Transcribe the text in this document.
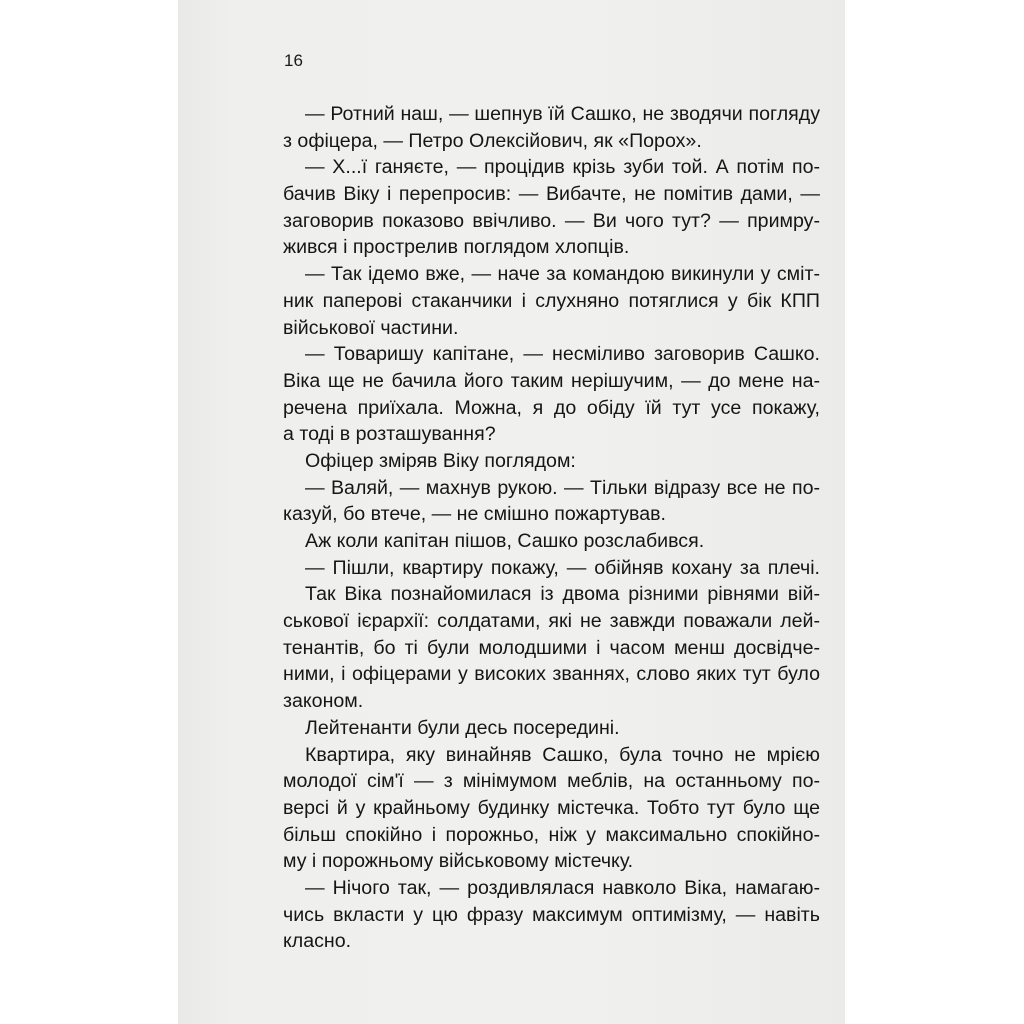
16
— Ротний наш, — шепнув їй Сашко, не зводячи погляду
з офіцера, — Петро Олексійович, як «Порох».
— Х...ї ганяєте, — процідив крізь зуби той. А потім по-
бачив Віку і перепросив: — Вибачте, не помітив дами, —
заговорив показово ввічливо. — Ви чого тут? — примру-
жився і прострелив поглядом хлопців.
— Так ідемо вже, — наче за командою викинули у сміт-
ник паперові стаканчики і слухняно потяглися у бік КПП
військової частини.
— Товаришу капітане, — несміливо заговорив Сашко.
Віка ще не бачила його таким нерішучим, — до мене на-
речена приїхала. Можна, я до обіду їй тут усе покажу,
а тоді в розташування?
Офіцер зміряв Віку поглядом:
— Валяй, — махнув рукою. — Тільки відразу все не по-
казуй, бо втече, — не смішно пожартував.
Аж коли капітан пішов, Сашко розслабився.
— Пішли, квартиру покажу, — обійняв кохану за плечі.
Так Віка познайомилася із двома різними рівнями вій-
ськової ієрархії: солдатами, які не завжди поважали лей-
тенантів, бо ті були молодшими і часом менш досвідче-
ними, і офіцерами у високих званнях, слово яких тут було
законом.
Лейтенанти були десь посередині.
Квартира, яку винайняв Сашко, була точно не мрією
молодої сім'ї — з мінімумом меблів, на останньому по-
версі й у крайньому будинку містечка. Тобто тут було ще
більш спокійно і порожньо, ніж у максимально спокійно-
му і порожньому військовому містечку.
— Нічого так, — роздивлялася навколо Віка, намагаю-
чись вкласти у цю фразу максимум оптимізму, — навіть
класно.
